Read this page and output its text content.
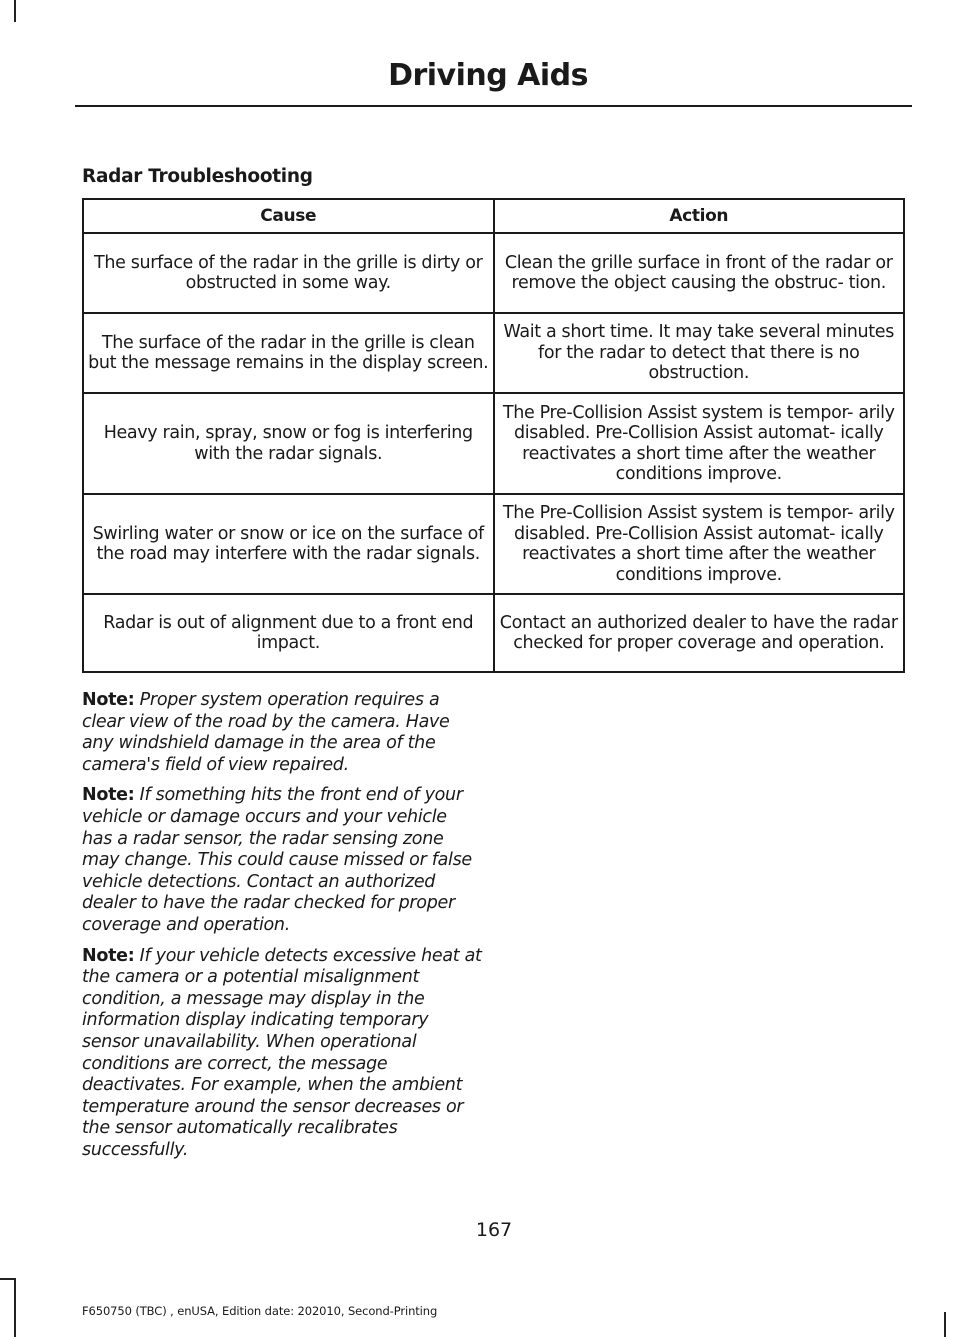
Driving Aids
Radar Troubleshooting
Cause	Action
The surface of the radar in the grille is dirty or obstructed in some way.	Clean the grille surface in front of the radar or remove the object causing the obstruc- tion.
The surface of the radar in the grille is clean but the message remains in the display screen.	Wait a short time. It may take several minutes for the radar to detect that there is no obstruction.
Heavy rain, spray, snow or fog is interfering with the radar signals.	The Pre-Collision Assist system is tempor- arily disabled. Pre-Collision Assist automat- ically reactivates a short time after the weather conditions improve.
Swirling water or snow or ice on the surface of the road may interfere with the radar signals.	The Pre-Collision Assist system is tempor- arily disabled. Pre-Collision Assist automat- ically reactivates a short time after the weather conditions improve.
Radar is out of alignment due to a front end impact.	Contact an authorized dealer to have the radar checked for proper coverage and operation.

Note: Proper system operation requires a clear view of the road by the camera. Have any windshield damage in the area of the camera's field of view repaired.

Note: If something hits the front end of your vehicle or damage occurs and your vehicle has a radar sensor, the radar sensing zone may change. This could cause missed or false vehicle detections. Contact an authorized dealer to have the radar checked for proper coverage and operation.

Note: If your vehicle detects excessive heat at the camera or a potential misalignment condition, a message may display in the information display indicating temporary sensor unavailability. When operational conditions are correct, the message deactivates. For example, when the ambient temperature around the sensor decreases or the sensor automatically recalibrates successfully.

167
F650750 (TBC) , enUSA, Edition date: 202010, Second-Printing
